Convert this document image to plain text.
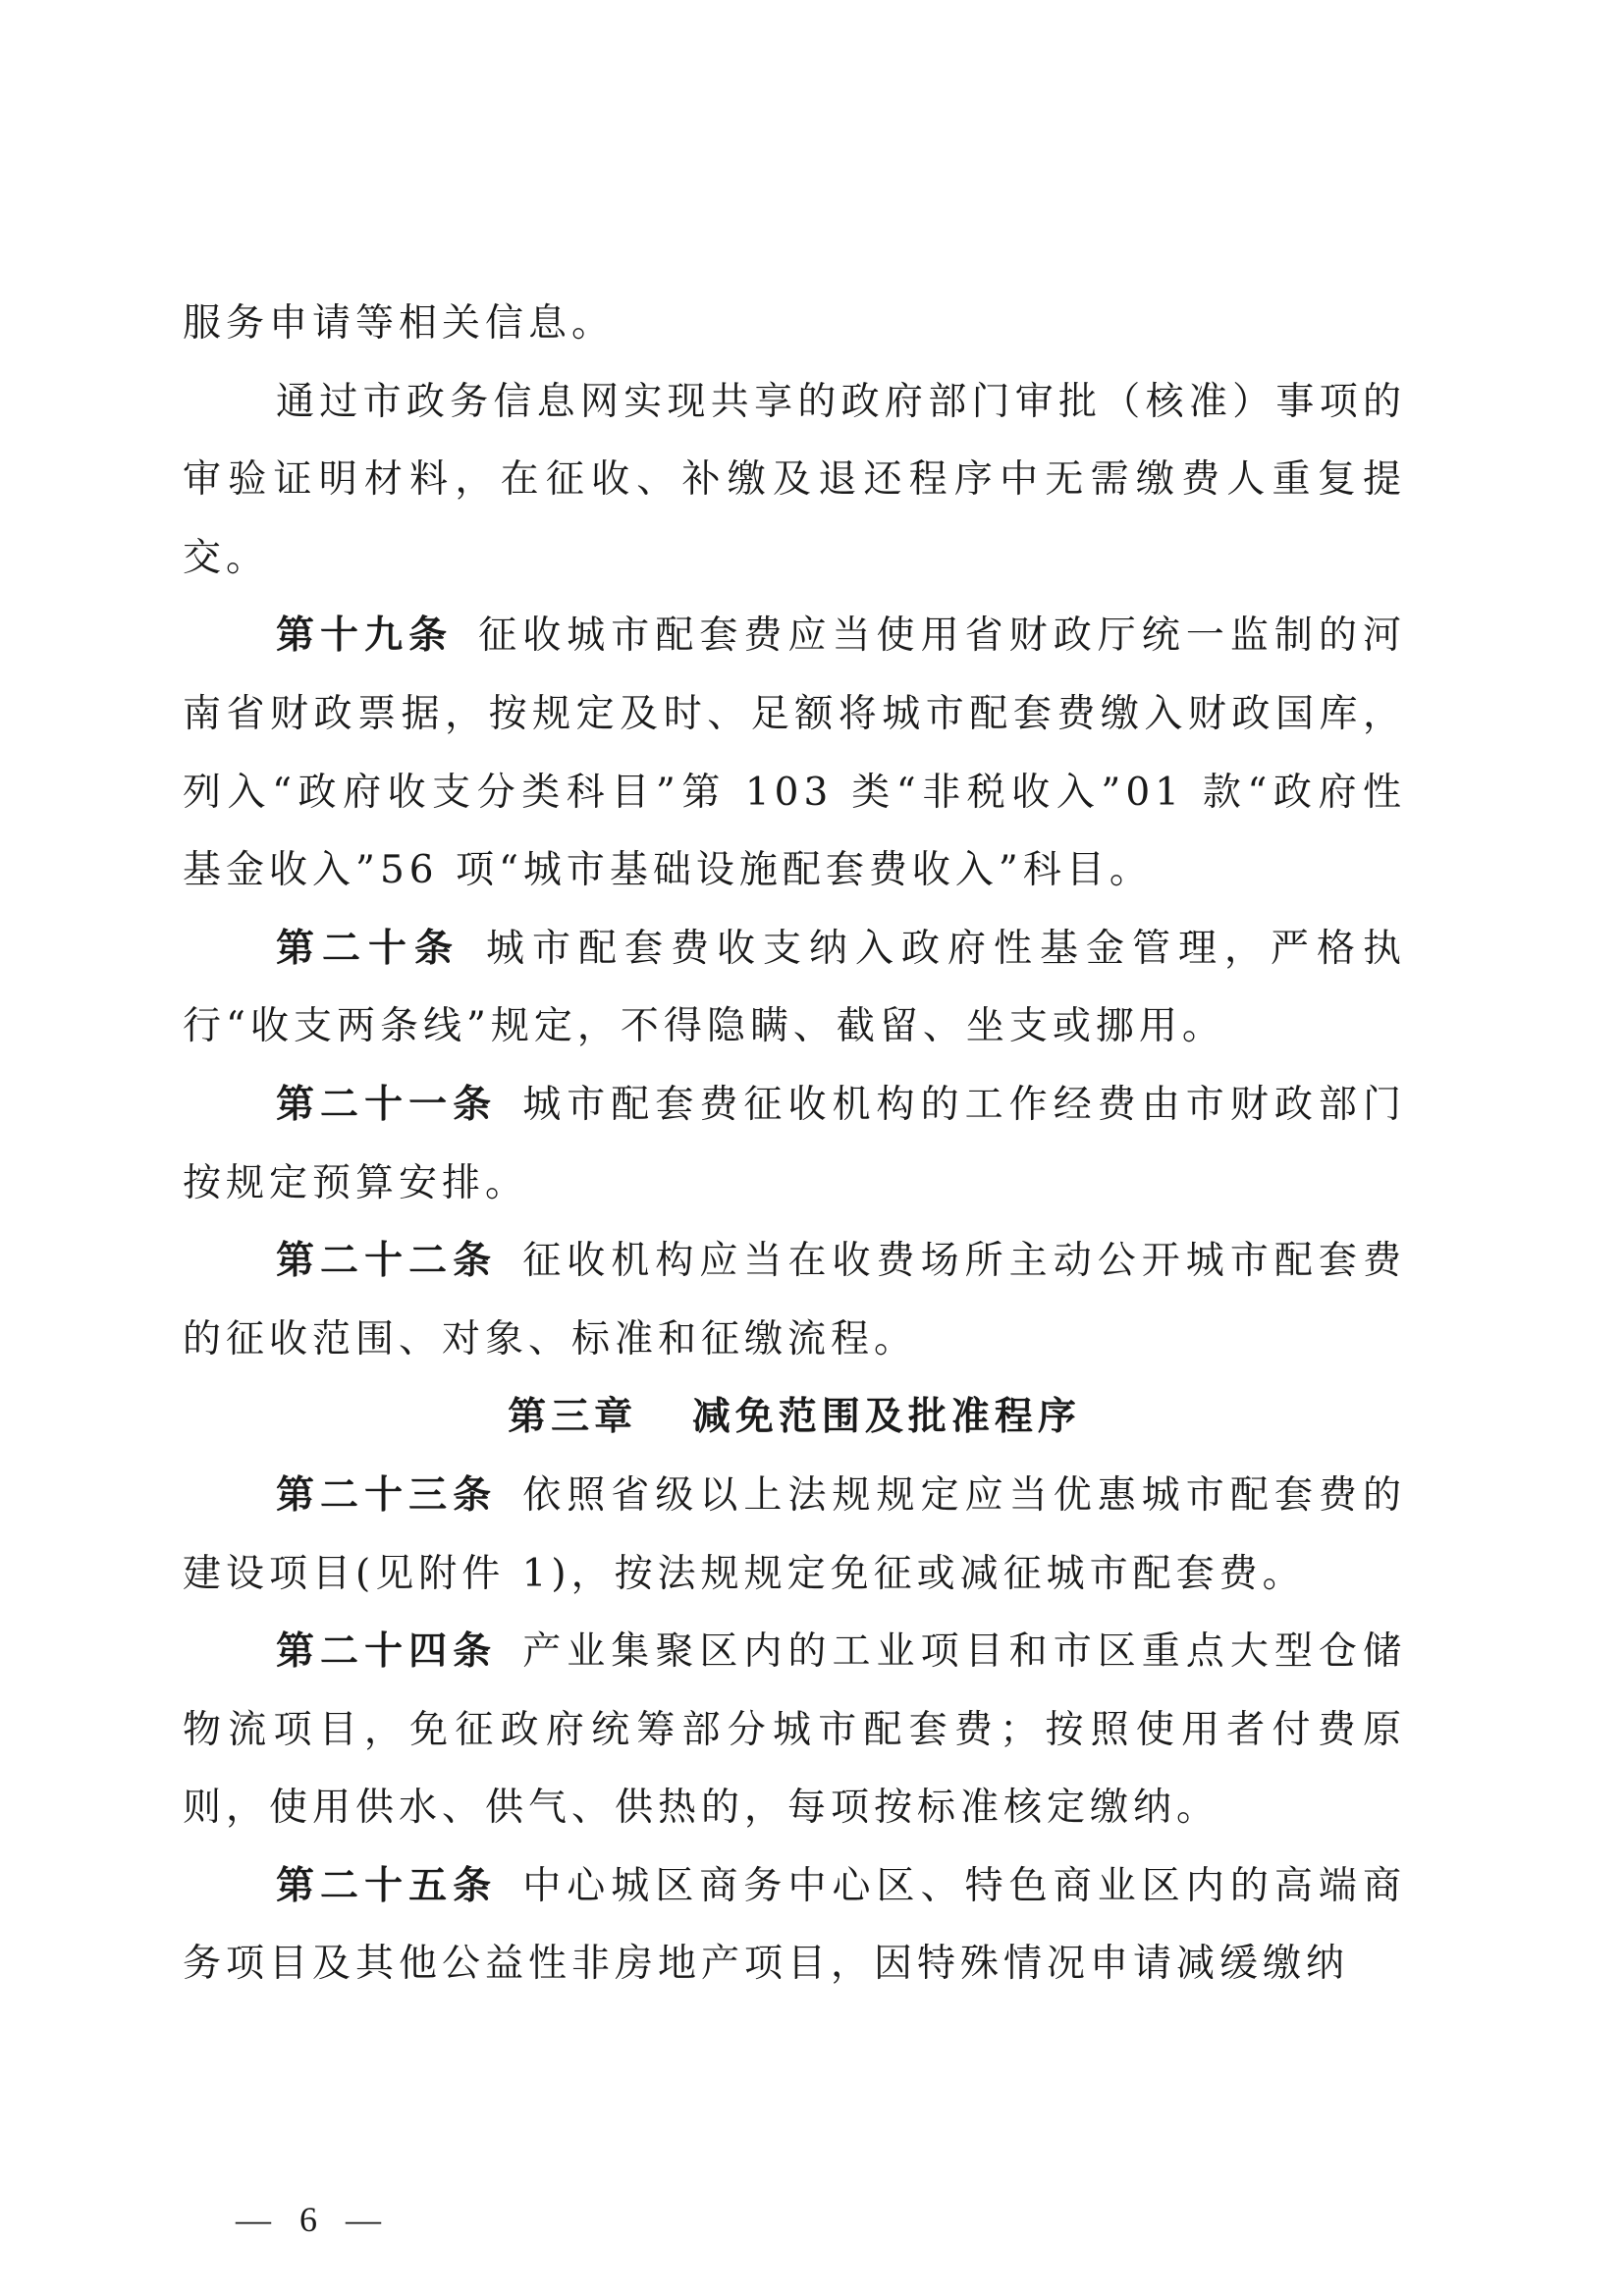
服务申请等相关信息。

通过市政务信息网实现共享的政府部门审批（核准）事项的审验证明材料，在征收、补缴及退还程序中无需缴费人重复提交。

第十九条 征收城市配套费应当使用省财政厅统一监制的河南省财政票据，按规定及时、足额将城市配套费缴入财政国库，列入“政府收支分类科目”第 103 类“非税收入”01 款“政府性基金收入”56 项“城市基础设施配套费收入”科目。

第二十条 城市配套费收支纳入政府性基金管理，严格执行“收支两条线”规定，不得隐瞒、截留、坐支或挪用。

第二十一条 城市配套费征收机构的工作经费由市财政部门按规定预算安排。

第二十二条 征收机构应当在收费场所主动公开城市配套费的征收范围、对象、标准和征缴流程。

第三章   减免范围及批准程序

第二十三条 依照省级以上法规规定应当优惠城市配套费的建设项目(见附件 1)，按法规规定免征或减征城市配套费。

第二十四条 产业集聚区内的工业项目和市区重点大型仓储物流项目，免征政府统筹部分城市配套费；按照使用者付费原则，使用供水、供气、供热的，每项按标准核定缴纳。

第二十五条 中心城区商务中心区、特色商业区内的高端商务项目及其他公益性非房地产项目，因特殊情况申请减缓缴纳

— 6 —
